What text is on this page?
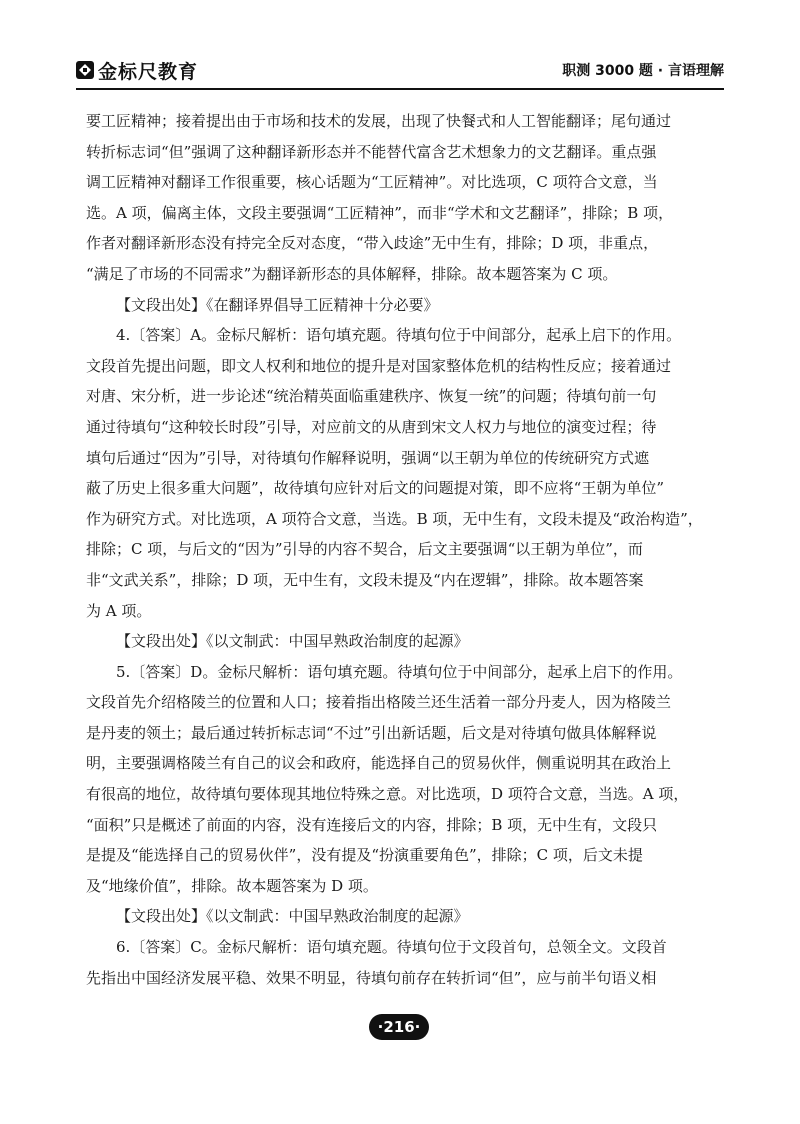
金标尺教育	职测 3000 题 · 言语理解
要工匠精神；接着提出由于市场和技术的发展，出现了快餐式和人工智能翻译；尾句通过
转折标志词“但”强调了这种翻译新形态并不能替代富含艺术想象力的文艺翻译。重点强
调工匠精神对翻译工作很重要，核心话题为“工匠精神”。对比选项，C 项符合文意，当
选。A 项，偏离主体，文段主要强调“工匠精神”，而非“学术和文艺翻译”，排除；B 项，
作者对翻译新形态没有持完全反对态度，“带入歧途”无中生有，排除；D 项，非重点，
“满足了市场的不同需求”为翻译新形态的具体解释，排除。故本题答案为 C 项。
【文段出处】《在翻译界倡导工匠精神十分必要》
4.〔答案〕A。金标尺解析：语句填充题。待填句位于中间部分，起承上启下的作用。
文段首先提出问题，即文人权利和地位的提升是对国家整体危机的结构性反应；接着通过
对唐、宋分析，进一步论述“统治精英面临重建秩序、恢复一统”的问题；待填句前一句
通过待填句“这种较长时段”引导，对应前文的从唐到宋文人权力与地位的演变过程；待
填句后通过“因为”引导，对待填句作解释说明，强调“以王朝为单位的传统研究方式遮
蔽了历史上很多重大问题”，故待填句应针对后文的问题提对策，即不应将“王朝为单位”
作为研究方式。对比选项，A 项符合文意，当选。B 项，无中生有，文段未提及“政治构造”，
排除；C 项，与后文的“因为”引导的内容不契合，后文主要强调“以王朝为单位”，而
非“文武关系”，排除；D 项，无中生有，文段未提及“内在逻辑”，排除。故本题答案
为 A 项。
【文段出处】《以文制武：中国早熟政治制度的起源》
5.〔答案〕D。金标尺解析：语句填充题。待填句位于中间部分，起承上启下的作用。
文段首先介绍格陵兰的位置和人口；接着指出格陵兰还生活着一部分丹麦人，因为格陵兰
是丹麦的领土；最后通过转折标志词“不过”引出新话题，后文是对待填句做具体解释说
明，主要强调格陵兰有自己的议会和政府，能选择自己的贸易伙伴，侧重说明其在政治上
有很高的地位，故待填句要体现其地位特殊之意。对比选项，D 项符合文意，当选。A 项，
“面积”只是概述了前面的内容，没有连接后文的内容，排除；B 项，无中生有，文段只
是提及“能选择自己的贸易伙伴”，没有提及“扮演重要角色”，排除；C 项，后文未提
及“地缘价值”，排除。故本题答案为 D 项。
【文段出处】《以文制武：中国早熟政治制度的起源》
6.〔答案〕C。金标尺解析：语句填充题。待填句位于文段首句，总领全文。文段首
先指出中国经济发展平稳、效果不明显，待填句前存在转折词“但”，应与前半句语义相
·216·
